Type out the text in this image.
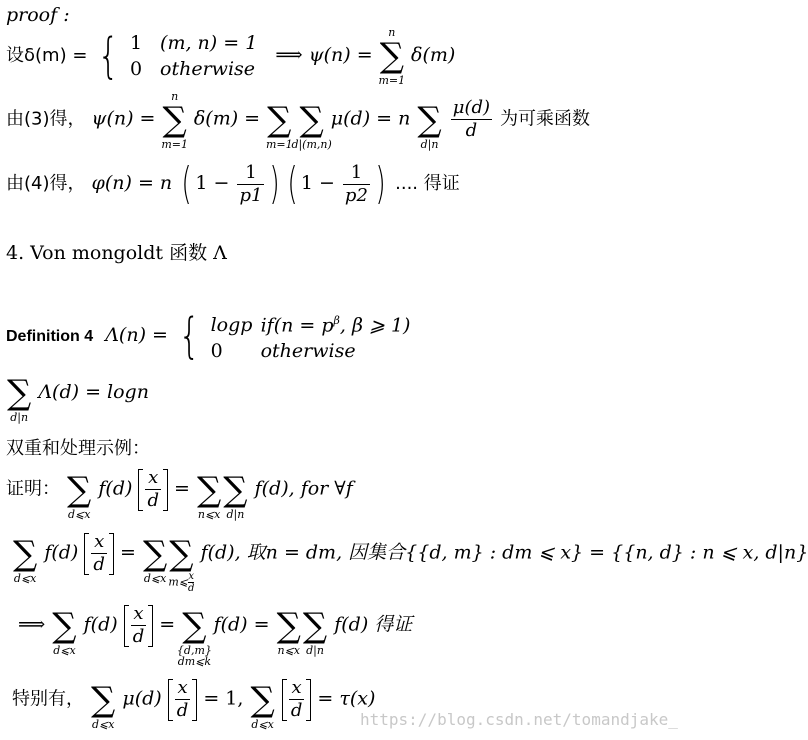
proof :
设δ(m) = { 1 (m, n) = 1
0 otherwise
⟹ ψ(n) =
n
∑
m=1
δ(m)
由(3)得， ψ(n) =
n
∑
m=1
δ(m) = ∑
m=1

∑
d|(m,n)
μ(d) = n ∑
d|n

$\frac{\mu(d)}{d}$ 为可乘函数
由(4)得， φ(n) = n ( $1 - \frac{1}{p1}$ ) ( $1 - \frac{1}{p2}$ ) .... 得证
4. Von mongoldt 函数 Λ
Definition 4 Λ(n) = { logp $if(n = p^\beta$, β ⩾ 1)
0 otherwise
∑
d|n
Λ(d) = logn
双重和处理示例：
证明： ∑
d⩽x
$f(d) \frac{x}{d}$ = ∑
n⩽x
∑
d|n
f(d), for ∀f
∑
d⩽x
$f(d) \frac{x}{d}$ = ∑
d⩽x
∑
m⩽ $\frac{x}{d}$
f(d), 取n = dm, 因集合{{d, m} : dm ⩽ x} = {{n, d} : n ⩽ x, d|n}
⟹ ∑
d⩽x
$f(d) \frac{x}{d}$ = ∑
{d,m}
dm⩽k
f(d) = ∑
n⩽x
∑
d|n
f(d) 得证
特别有， ∑
d⩽x
$\mu(d) \frac{x}{d} = 1$, ∑
d⩽x

$\frac{x}{d} = \tau(x)$
https://blog.csdn.net/tomandjake_
